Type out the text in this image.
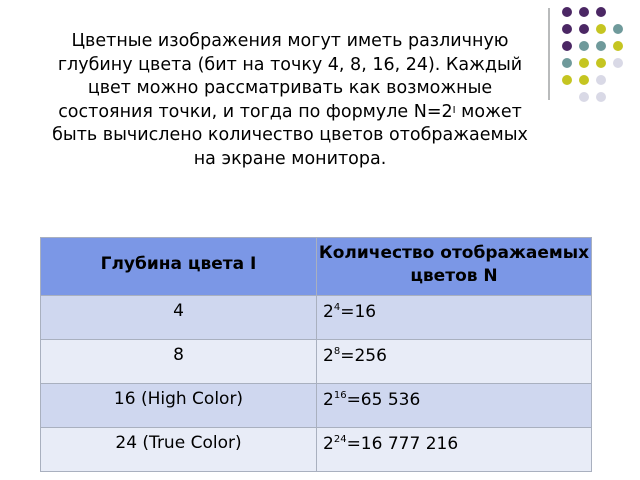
Цветные изображения могут иметь различную глубину цвета (бит на точку 4, 8, 16, 24). Каждый цвет можно рассматривать как возможные состояния точки, и тогда по формуле $N=2^I$ может быть вычислено количество цветов отображаемых на экране монитора.
Глубина цвета I	Количество отображаемых цветов N

4	$2^4=16$
8	$2^8=256$
16 (High Color)	$2^{16}=65$ 536
24 (True Color)	$2^{24}=16$ 777 216
